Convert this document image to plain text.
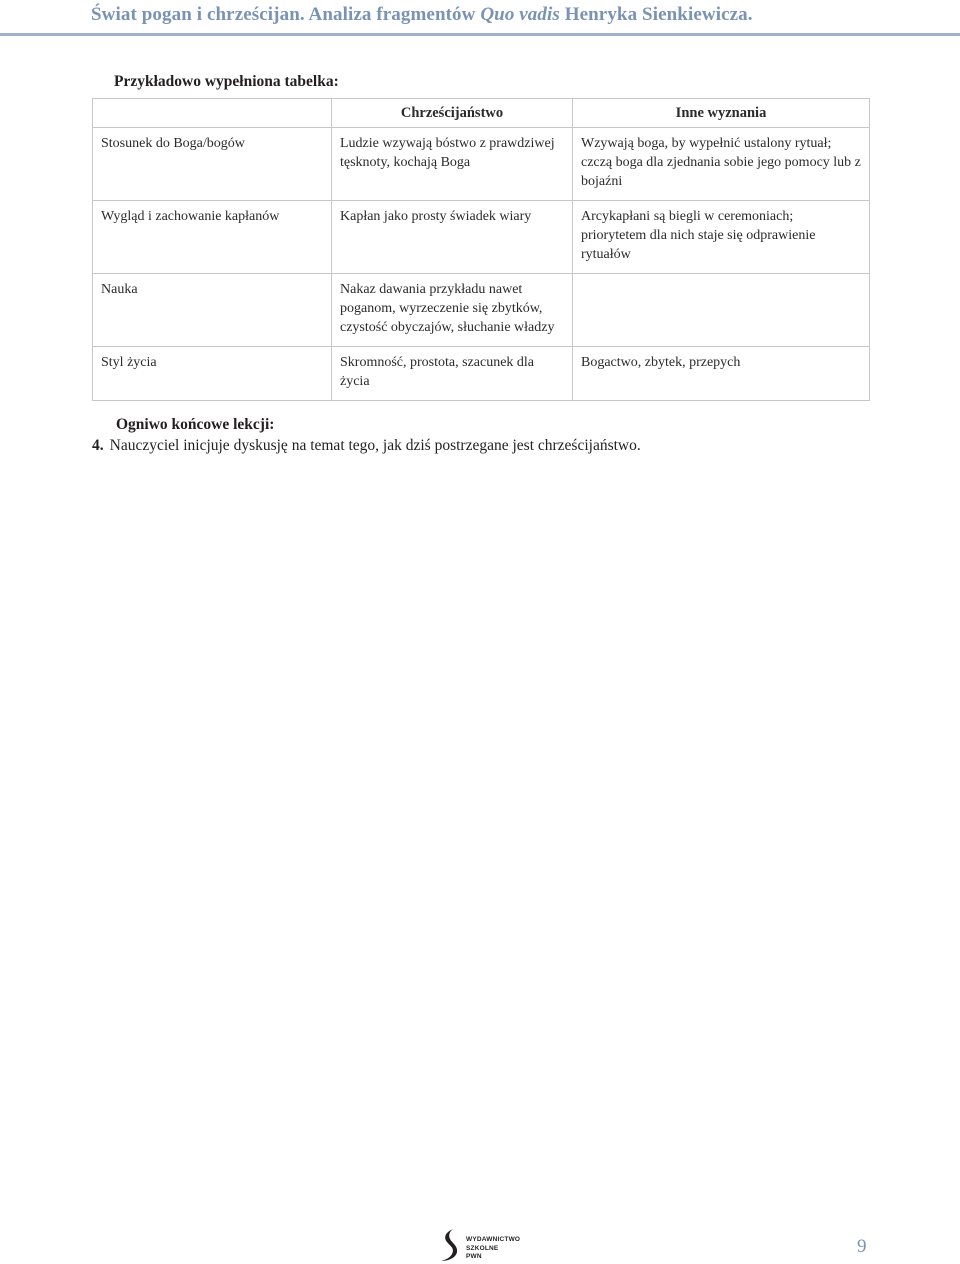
Świat pogan i chrześcijan. Analiza fragmentów Quo vadis Henryka Sienkiewicza.
Przykładowo wypełniona tabelka:
	Chrześcijaństwo	Inne wyznania
Stosunek do Boga/bogów	Ludzie wzywają bóstwo z prawdziwej tęsknoty, kochają Boga	Wzywają boga, by wypełnić ustalony rytuał; czczą boga dla zjednania sobie jego pomocy lub z bojaźni
Wygląd i zachowanie kapłanów	Kapłan jako prosty świadek wiary	Arcykapłani są biegli w ceremoniach; priorytetem dla nich staje się odprawienie rytuałów
Nauka	Nakaz dawania przykładu nawet poganom, wyrzeczenie się zbytków, czystość obyczajów, słuchanie władzy	
Styl życia	Skromność, prostota, szacunek dla życia	Bogactwo, zbytek, przepych
Ogniwo końcowe lekcji:
4. Nauczyciel inicjuje dyskusję na temat tego, jak dziś postrzegane jest chrześcijaństwo.
WYDAWNICTWO
SZKOLNE
PWN	9
